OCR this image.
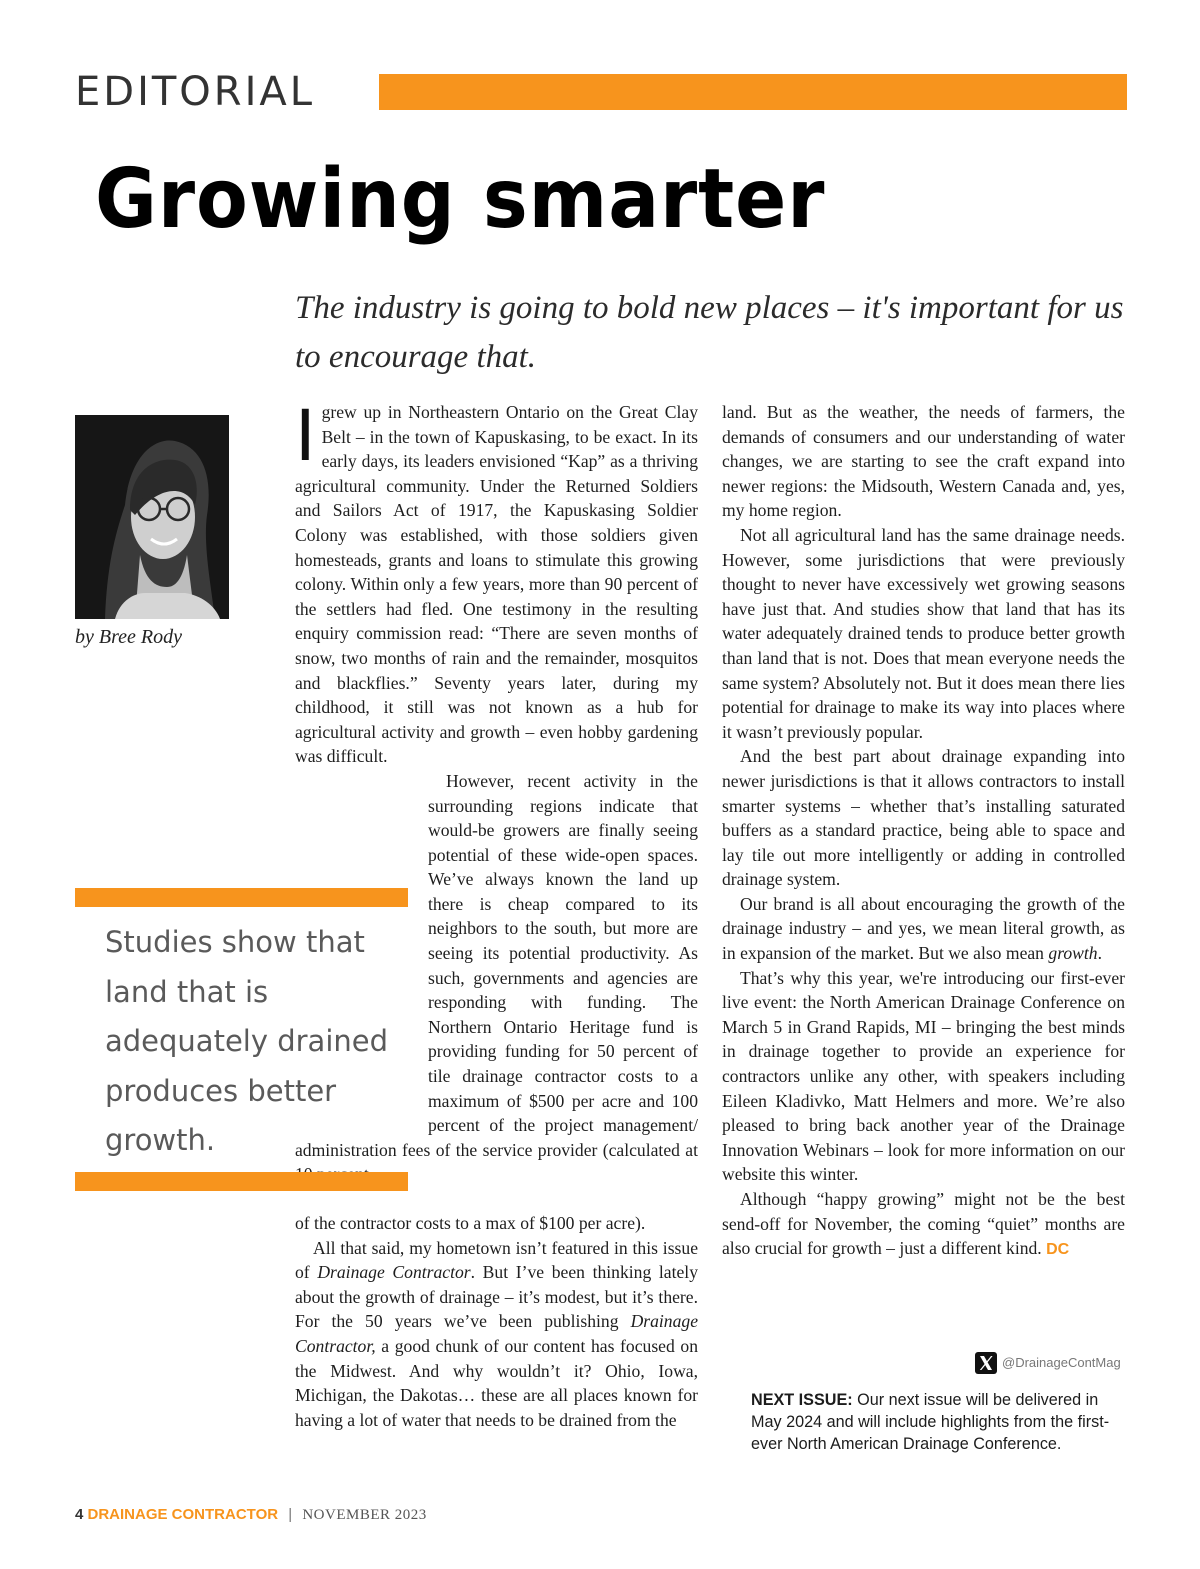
EDITORIAL
Growing smarter
The industry is going to bold new places – it's important for us to encourage that.
by Bree Rody

Igrew up in Northeastern Ontario on the Great Clay Belt – in the town of Kapuskasing, to be exact. In its early days, its leaders envisioned “Kap” as a thriving agricultural community. Under the Returned Soldiers and Sailors Act of 1917, the Kapuskasing Soldier Colony was established, with those soldiers given homesteads, grants and loans to stimulate this growing colony. Within only a few years, more than 90 percent of the settlers had fled. One testimony in the resulting enquiry commission read: “There are seven months of snow, two months of rain and the remainder, mosquitos and blackflies.” Seventy years later, during my childhood, it still was not known as a hub for agricultural activity and growth – even hobby gardening was difficult.

However, recent activity in the surrounding regions indicate that would-be growers are finally seeing potential of these wide-open spaces. We’ve always known the land up there is cheap compared to its neighbors to the south, but more are seeing its potential productivity. As such, governments and agencies are responding with funding. The Northern Ontario Heritage fund is providing funding for 50 percent of tile drainage contractor costs to a maximum of $500 per acre and 100 percent of the project management/ administration fees of the service provider (calculated at

of the contractor costs to a max of $100 per acre).

All that said, my hometown isn’t featured in this issue of Drainage Contractor. But I’ve been thinking lately about the growth of drainage – it’s modest, but it’s there. For the 50 years we’ve been publishing Drainage Contractor, a good chunk of our content has focused on the Midwest. And why wouldn’t it? Ohio, Iowa, Michigan, the Dakotas… these are all places known for having a lot of water that needs to be drained from the

Studies show that land that is adequately drained produces better growth.

land. But as the weather, the needs of farmers, the demands of consumers and our understanding of water changes, we are starting to see the craft expand into newer regions: the Midsouth, Western Canada and, yes, my home region.

Not all agricultural land has the same drainage needs. However, some jurisdictions that were previously thought to never have excessively wet growing seasons have just that. And studies show that land that has its water adequately drained tends to produce better growth than land that is not. Does that mean everyone needs the same system? Absolutely not. But it does mean there lies potential for drainage to make its way into places where it wasn’t previously popular.

And the best part about drainage expanding into newer jurisdictions is that it allows contractors to install smarter systems – whether that’s installing saturated buffers as a standard practice, being able to space and lay tile out more intelligently or adding in controlled drainage system.

Our brand is all about encouraging the growth of the drainage industry – and yes, we mean literal growth, as in expansion of the market. But we also mean growth.

That’s why this year, we're introducing our first-ever live event: the North American Drainage Conference on March 5 in Grand Rapids, MI – bringing the best minds in drainage together to provide an experience for contractors unlike any other, with speakers including Eileen Kladivko, Matt Helmers and more. We’re also pleased to bring back another year of the Drainage Innovation Webinars – look for more information on our website this winter.

Although “happy growing” might not be the best send-off for November, the coming “quiet” months are also crucial for growth – just a different kind. DC

@DrainageContMag
NEXT ISSUE: Our next issue will be delivered in May 2024 and will include highlights from the first-ever North American Drainage Conference.
4 DRAINAGE CONTRACTOR | NOVEMBER 2023
